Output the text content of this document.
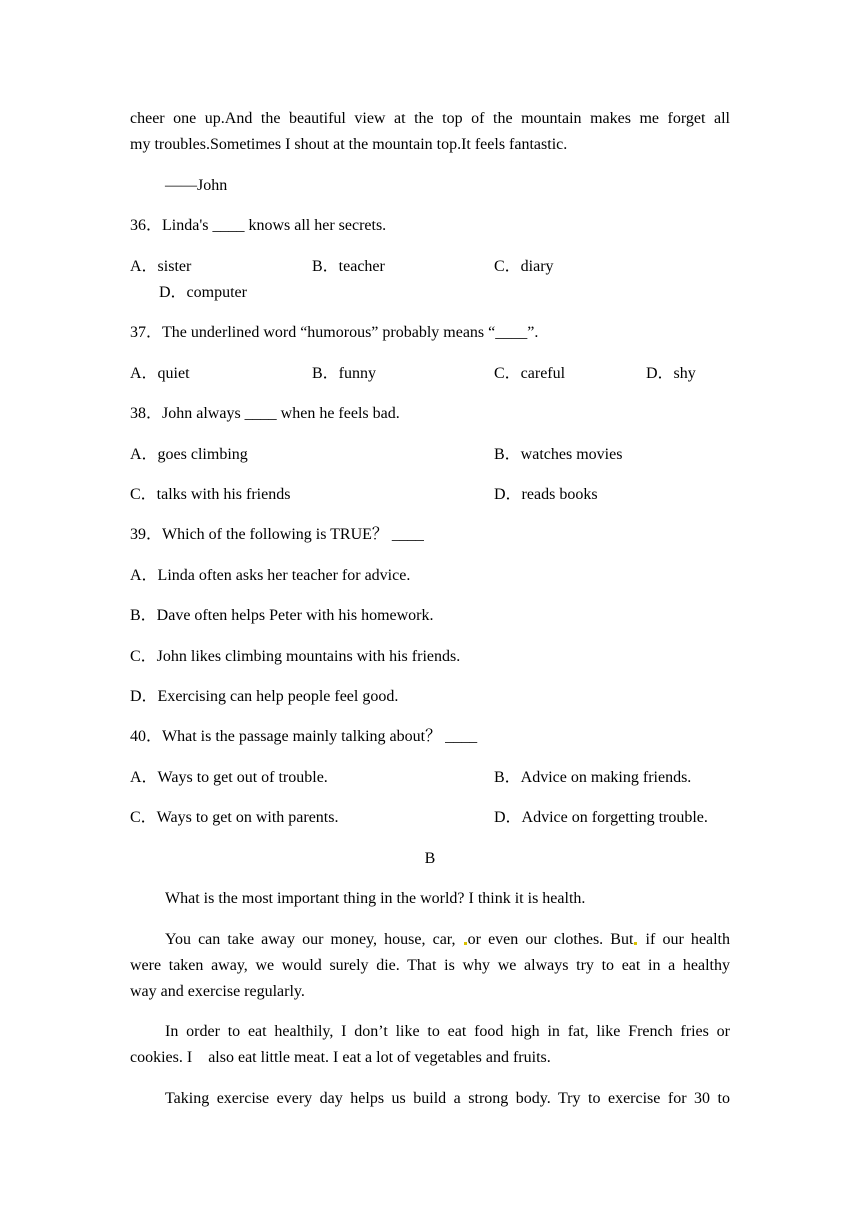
cheer one up.And the beautiful view at the top of the mountain makes me forget all
my troubles.Sometimes I shout at the mountain top.It feels fantastic.
——John
36．Linda's ____ knows all her secrets.
A．sister	B．teacher	C．diary
D．computer
37．The underlined word “humorous” probably means “____”.
A．quiet	B．funny	C．careful	D．shy
38．John always ____ when he feels bad.
A．goes climbing	B．watches movies
C．talks with his friends	D．reads books
39．Which of the following is TRUE？ ____
A．Linda often asks her teacher for advice.
B．Dave often helps Peter with his homework.
C．John likes climbing mountains with his friends.
D．Exercising can help people feel good.
40．What is the passage mainly talking about？ ____
A．Ways to get out of trouble.	B．Advice on making friends.
C．Ways to get on with parents.	D．Advice on forgetting trouble.
B
What is the most important thing in the world? I think it is health.
You can take away our money, house, car, or even our clothes. But if our health
were taken away, we would surely die. That is why we always try to eat in a healthy
way and exercise regularly.
In order to eat healthily, I don’t like to eat food high in fat, like French fries or
cookies. I    also eat little meat. I eat a lot of vegetables and fruits.
Taking exercise every day helps us build a strong body. Try to exercise for 30 to
